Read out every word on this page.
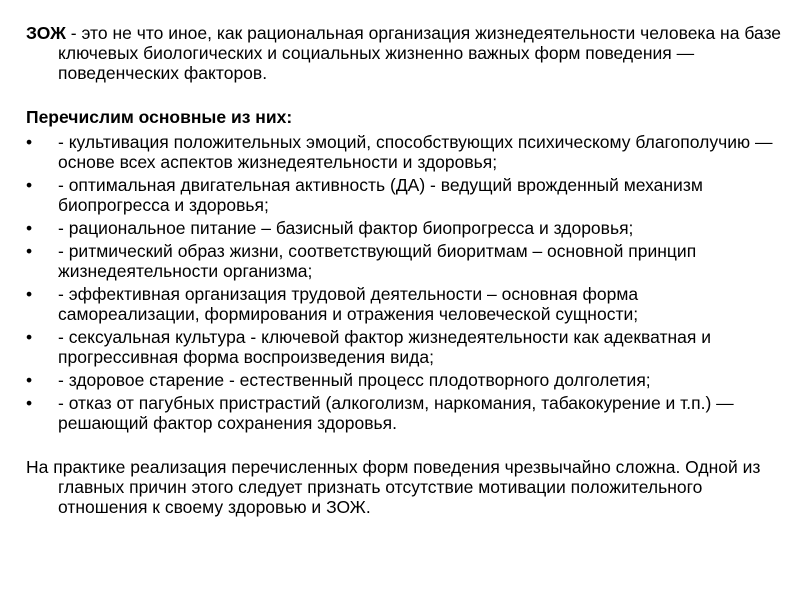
ЗОЖ - это не что иное, как рациональная организация жизнедеятельности человека на базе ключевых биологических и социальных жизненно важных форм поведения — поведенческих факторов.

Перечислим основные из них:

•	- культивация положительных эмоций, способствующих психическому благополучию — основе всех аспектов жизнедеятельности и здоровья;
•	- оптимальная двигательная активность (ДА) - ведущий врожденный механизм биопрогресса и здоровья;
•	- рациональное питание – базисный фактор биопрогресса и здоровья;
•	- ритмический образ жизни, соответствующий биоритмам – основной принцип жизнедеятельности организма;
•	- эффективная организация трудовой деятельности – основная форма самореализации, формирования и отражения человеческой сущности;
•	- сексуальная культура - ключевой фактор жизнедеятельности как адекватная и прогрессивная форма воспроизведения вида;
•	- здоровое старение - естественный процесс плодотворного долголетия;
•	- отказ от пагубных пристрастий (алкоголизм, наркомания, табакокурение и т.п.) — решающий фактор сохранения здоровья.

На практике реализация перечисленных форм поведения чрезвычайно сложна. Одной из главных причин этого следует признать отсутствие мотивации положительного отношения к своему здоровью и ЗОЖ.
